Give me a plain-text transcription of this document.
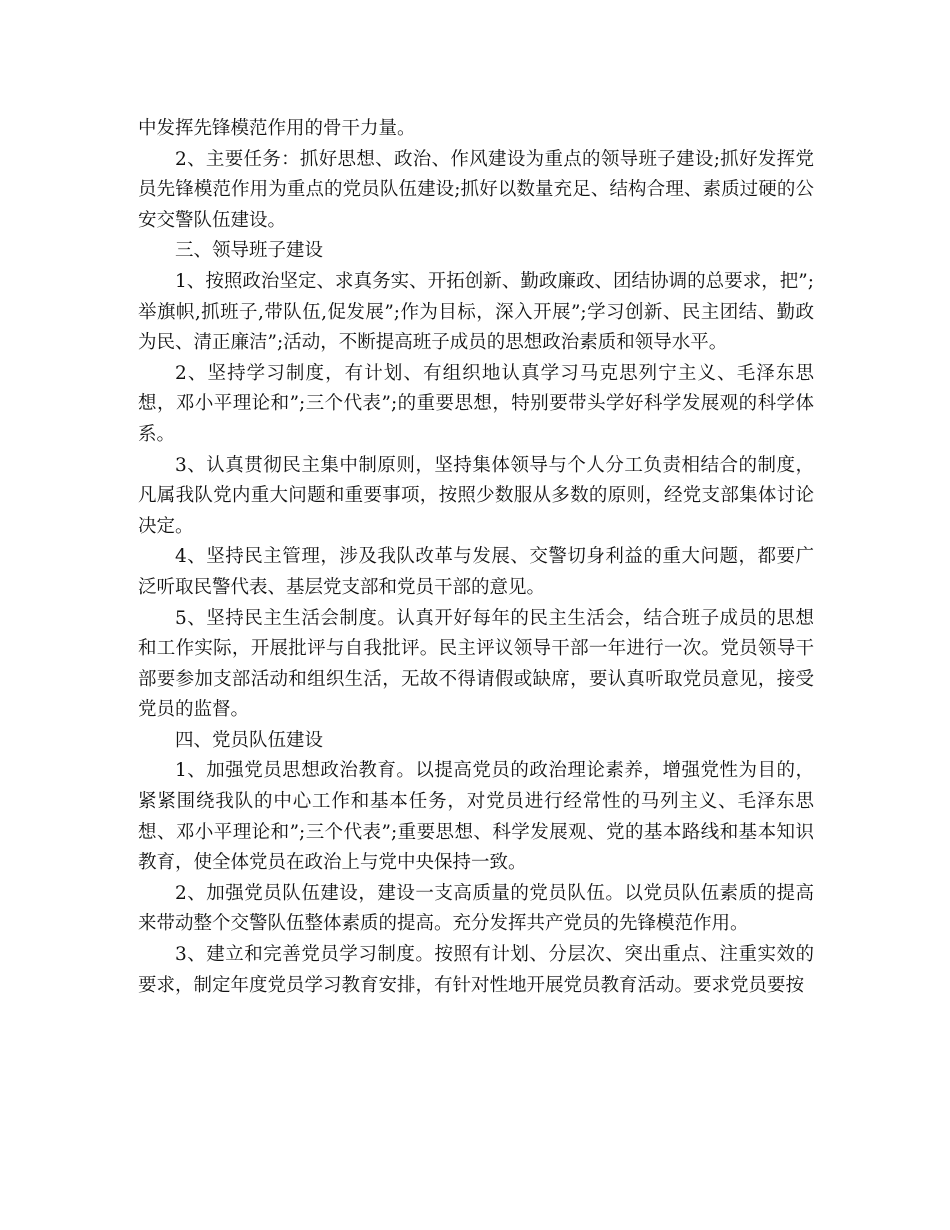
中发挥先锋模范作用的骨干力量。

2、主要任务：抓好思想、政治、作风建设为重点的领导班子建设;抓好发挥党员先锋模范作用为重点的党员队伍建设;抓好以数量充足、结构合理、素质过硬的公安交警队伍建设。

三、领导班子建设

1、按照政治坚定、求真务实、开拓创新、勤政廉政、团结协调的总要求，把”;举旗帜,抓班子,带队伍,促发展”;作为目标，深入开展”;学习创新、民主团结、勤政为民、清正廉洁”;活动，不断提高班子成员的思想政治素质和领导水平。

2、坚持学习制度，有计划、有组织地认真学习马克思列宁主义、毛泽东思想，邓小平理论和”;三个代表”;的重要思想，特别要带头学好科学发展观的科学体系。

3、认真贯彻民主集中制原则，坚持集体领导与个人分工负责相结合的制度，凡属我队党内重大问题和重要事项，按照少数服从多数的原则，经党支部集体讨论决定。

4、坚持民主管理，涉及我队改革与发展、交警切身利益的重大问题，都要广泛听取民警代表、基层党支部和党员干部的意见。

5、坚持民主生活会制度。认真开好每年的民主生活会，结合班子成员的思想和工作实际，开展批评与自我批评。民主评议领导干部一年进行一次。党员领导干部要参加支部活动和组织生活，无故不得请假或缺席，要认真听取党员意见，接受党员的监督。

四、党员队伍建设

1、加强党员思想政治教育。以提高党员的政治理论素养，增强党性为目的，紧紧围绕我队的中心工作和基本任务，对党员进行经常性的马列主义、毛泽东思想、邓小平理论和”;三个代表”;重要思想、科学发展观、党的基本路线和基本知识教育，使全体党员在政治上与党中央保持一致。

2、加强党员队伍建设，建设一支高质量的党员队伍。以党员队伍素质的提高来带动整个交警队伍整体素质的提高。充分发挥共产党员的先锋模范作用。

3、建立和完善党员学习制度。按照有计划、分层次、突出重点、注重实效的要求，制定年度党员学习教育安排，有针对性地开展党员教育活动。要求党员要按
